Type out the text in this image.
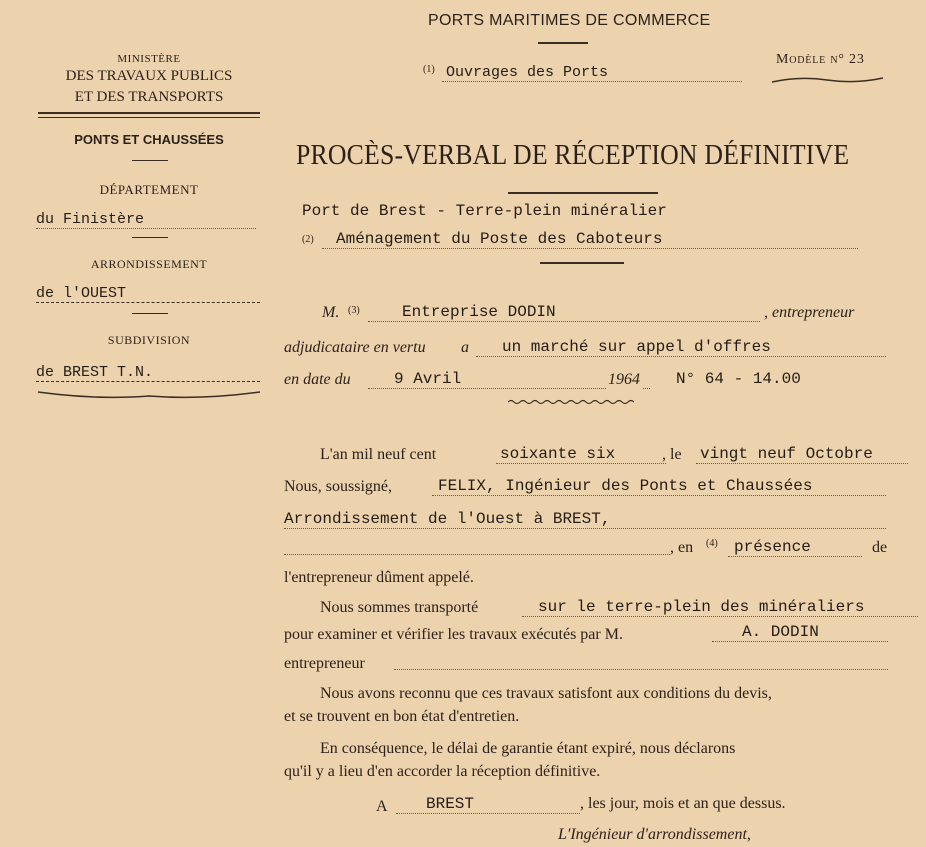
PORTS MARITIMES DE COMMERCE
(1) Ouvrages des Ports
Modèle n° 23
MINISTÈRE
DES TRAVAUX PUBLICS
ET DES TRANSPORTS
PONTS ET CHAUSSÉES
DÉPARTEMENT
du Finistère
ARRONDISSEMENT
de l'OUEST
SUBDIVISION
de BREST T.N.
PROCÈS-VERBAL DE RÉCEPTION DÉFINITIVE
Port de Brest - Terre-plein minéralier
(2)	Aménagement du Poste des Caboteurs
M. (3)	Entreprise DODIN	, entrepreneur
adjudicataire en vertu a	un marché sur appel d'offres
en date du	9 Avril	1964 N° 64 - 14.00
L'an mil neuf cent	soixante six	, le vingt neuf Octobre
Nous, soussigné,	FELIX, Ingénieur des Ponts et Chaussées
Arrondissement de l'Ouest à BREST,
, en (4)	présence	de
l'entrepreneur dûment appelé.
Nous sommes transporté	sur le terre-plein des minéraliers
pour examiner et vérifier les travaux exécutés par M.	A. DODIN
entrepreneur
Nous avons reconnu que ces travaux satisfont aux conditions du devis,
et se trouvent en bon état d'entretien.
En conséquence, le délai de garantie étant expiré, nous déclarons
qu'il y a lieu d'en accorder la réception définitive.
A	BREST	, les jour, mois et an que dessus.
L'Ingénieur d'arrondissement,
